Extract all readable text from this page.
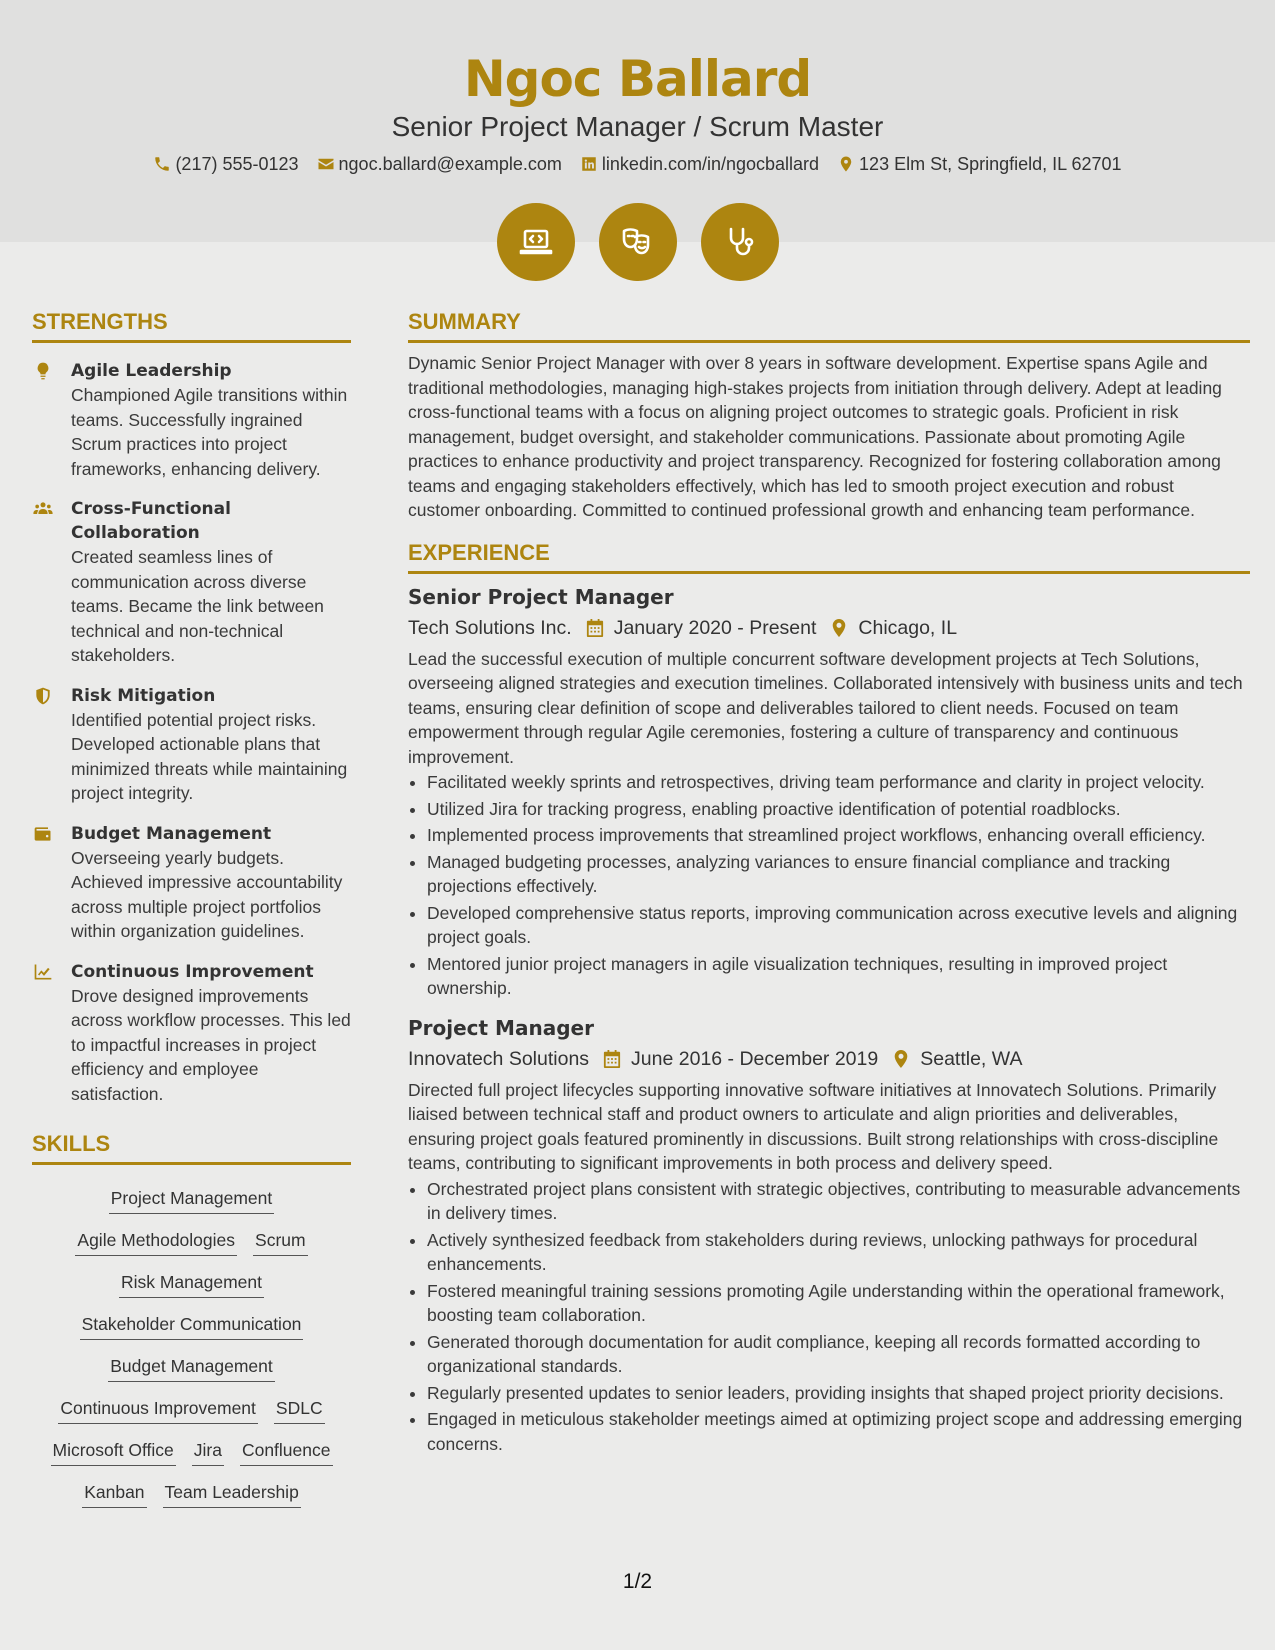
Ngoc Ballard
Senior Project Manager / Scrum Master
(217) 555-0123 ngoc.ballard@example.com linkedin.com/in/ngocballard 123 Elm St, Springfield, IL 62701
STRENGTHS
Agile Leadership
Championed Agile transitions within teams. Successfully ingrained Scrum practices into project frameworks, enhancing delivery.
Cross-Functional Collaboration
Created seamless lines of communication across diverse teams. Became the link between technical and non-technical stakeholders.
Risk Mitigation
Identified potential project risks. Developed actionable plans that minimized threats while maintaining project integrity.
Budget Management
Overseeing yearly budgets. Achieved impressive accountability across multiple project portfolios within organization guidelines.
Continuous Improvement
Drove designed improvements across workflow processes. This led to impactful increases in project efficiency and employee satisfaction.
SKILLS
Project Management
Agile Methodologies Scrum
Risk Management
Stakeholder Communication
Budget Management
Continuous Improvement SDLC
Microsoft Office Jira Confluence
Kanban Team Leadership
SUMMARY
Dynamic Senior Project Manager with over 8 years in software development. Expertise spans Agile and traditional methodologies, managing high-stakes projects from initiation through delivery. Adept at leading cross-functional teams with a focus on aligning project outcomes to strategic goals. Proficient in risk management, budget oversight, and stakeholder communications. Passionate about promoting Agile practices to enhance productivity and project transparency. Recognized for fostering collaboration among teams and engaging stakeholders effectively, which has led to smooth project execution and robust customer onboarding. Committed to continued professional growth and enhancing team performance.
EXPERIENCE
Senior Project Manager
Tech Solutions Inc. January 2020 - Present Chicago, IL
Lead the successful execution of multiple concurrent software development projects at Tech Solutions, overseeing aligned strategies and execution timelines. Collaborated intensively with business units and tech teams, ensuring clear definition of scope and deliverables tailored to client needs. Focused on team empowerment through regular Agile ceremonies, fostering a culture of transparency and continuous improvement.
• Facilitated weekly sprints and retrospectives, driving team performance and clarity in project velocity.
• Utilized Jira for tracking progress, enabling proactive identification of potential roadblocks.
• Implemented process improvements that streamlined project workflows, enhancing overall efficiency.
• Managed budgeting processes, analyzing variances to ensure financial compliance and tracking projections effectively.
• Developed comprehensive status reports, improving communication across executive levels and aligning project goals.
• Mentored junior project managers in agile visualization techniques, resulting in improved project ownership.
Project Manager
Innovatech Solutions June 2016 - December 2019 Seattle, WA
Directed full project lifecycles supporting innovative software initiatives at Innovatech Solutions. Primarily liaised between technical staff and product owners to articulate and align priorities and deliverables, ensuring project goals featured prominently in discussions. Built strong relationships with cross-discipline teams, contributing to significant improvements in both process and delivery speed.
• Orchestrated project plans consistent with strategic objectives, contributing to measurable advancements in delivery times.
• Actively synthesized feedback from stakeholders during reviews, unlocking pathways for procedural enhancements.
• Fostered meaningful training sessions promoting Agile understanding within the operational framework, boosting team collaboration.
• Generated thorough documentation for audit compliance, keeping all records formatted according to organizational standards.
• Regularly presented updates to senior leaders, providing insights that shaped project priority decisions.
• Engaged in meticulous stakeholder meetings aimed at optimizing project scope and addressing emerging concerns.
1/2
